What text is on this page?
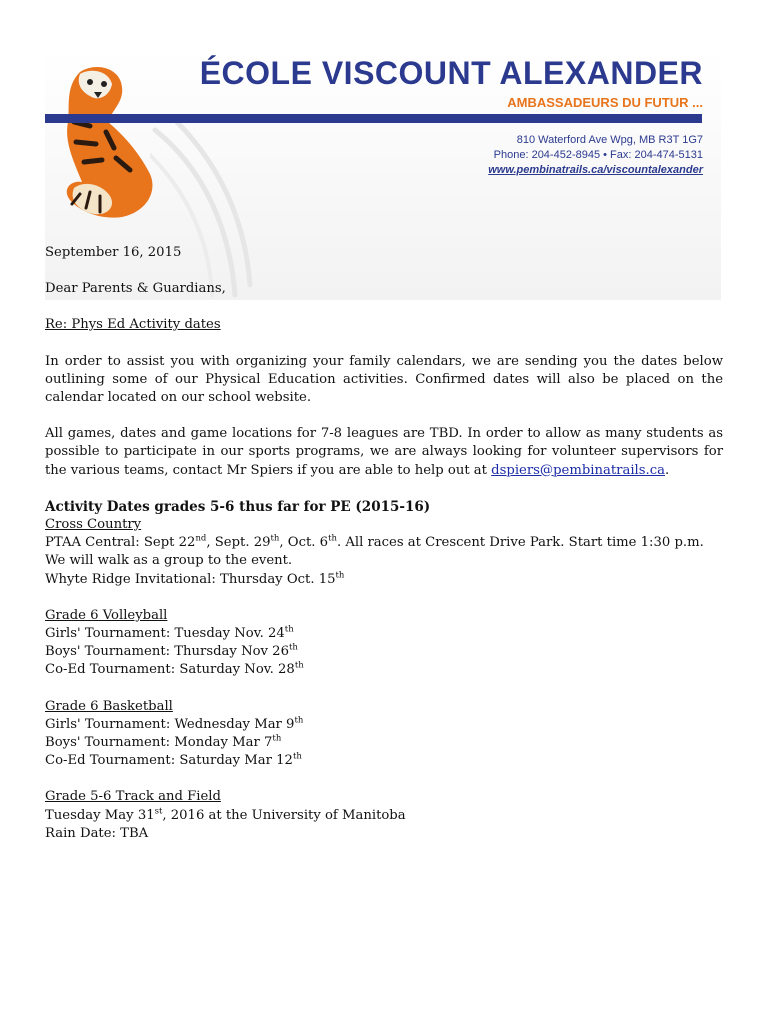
ÉCOLE VISCOUNT ALEXANDER
AMBASSADEURS DU FUTUR ...
810 Waterford Ave Wpg, MB R3T 1G7
Phone: 204-452-8945 • Fax: 204-474-5131
www.pembinatrails.ca/viscountalexander

September 16, 2015

Dear Parents & Guardians,

Re: Phys Ed Activity dates

In order to assist you with organizing your family calendars, we are sending you the dates below outlining some of our Physical Education activities. Confirmed dates will also be placed on the calendar located on our school website.

All games, dates and game locations for 7-8 leagues are TBD. In order to allow as many students as possible to participate in our sports programs, we are always looking for volunteer supervisors for the various teams, contact Mr Spiers if you are able to help out at dspiers@pembinatrails.ca.

Activity Dates grades 5-6 thus far for PE (2015-16)

Cross Country

PTAA Central: Sept 22nd, Sept. 29th, Oct. 6th. All races at Crescent Drive Park. Start time 1:30 p.m. We will walk as a group to the event.

Whyte Ridge Invitational: Thursday Oct. 15th

Grade 6 Volleyball

Girls' Tournament: Tuesday Nov. 24th

Boys' Tournament: Thursday Nov 26th

Co-Ed Tournament: Saturday Nov. 28th

Grade 6 Basketball

Girls' Tournament: Wednesday Mar 9th

Boys' Tournament: Monday Mar 7th

Co-Ed Tournament: Saturday Mar 12th

Grade 5-6 Track and Field

Tuesday May 31st, 2016 at the University of Manitoba

Rain Date: TBA
